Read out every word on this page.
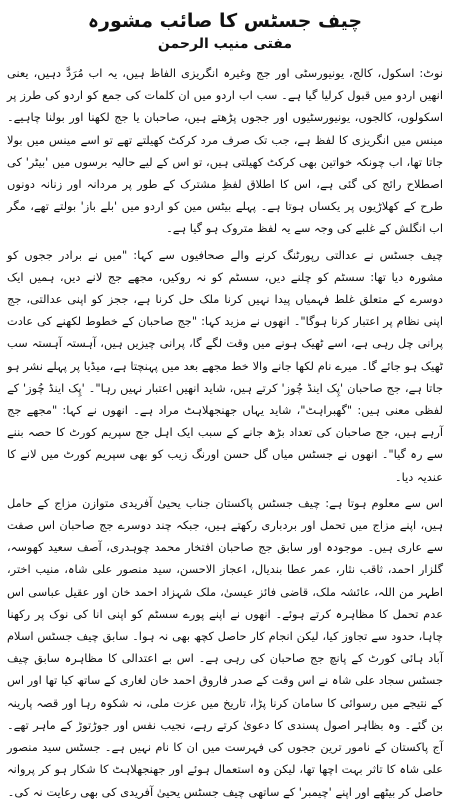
چیف جسٹس کا صائب مشورہ
مفتی منیب الرحمن

نوٹ: اسکول، کالج، یونیورسٹی اور جج وغیرہ انگریزی الفاظ ہیں، یہ اب مُرَدَّ دہیں، یعنی انھیں اردو میں قبول کرلیا گیا ہے۔ سب اب اردو میں ان کلمات کی جمع کو اردو کی طرز پر اسکولوں، کالجوں، یونیورسٹیوں اور ججوں پڑھتے ہیں، صاحبان یا جج لکھنا اور بولنا چاہیے۔ مینس میں انگریزی کا لفظ ہے، جب تک صرف مرد کرکٹ کھیلتے تھے تو اسے مینس میں بولا جاتا تھا، اب چونکہ خواتین بھی کرکٹ کھیلتی ہیں، تو اس کے لیے حالیہ برسوں میں 'بیٹر' کی اصطلاح رائج کی گئی ہے، اس کا اطلاق لفظِ مشترک کے طور پر مردانہ اور زنانہ دونوں طرح کے کھلاڑیوں پر یکساں ہوتا ہے۔ پہلے بیٹس مین کو اردو میں 'بلے باز' بولتے تھے، مگر اب انگلش کے غلبے کی وجہ سے یہ لفظ متروک ہو گیا ہے۔

چیف جسٹس نے عدالتی رپورٹنگ کرنے والے صحافیوں سے کہا: "میں نے برادر ججوں کو مشورہ دیا تھا: سسٹم کو چلنے دیں، سسٹم کو نہ روکیں، مجھے جج لانے دیں، ہمیں ایک دوسرے کے متعلق غلط فہمیاں پیدا نہیں کرنا ملک حل کرنا ہے، ججز کو اپنی عدالتی، جج اپنی نظام پر اعتبار کرنا ہوگا"۔ انھوں نے مزید کہا: "جج صاحبان کے خطوط لکھنے کی عادت پرانی چل رہی ہے، اسے ٹھیک ہونے میں وقت لگے گا، پرانی چیزیں ہیں، آہستہ آہستہ سب ٹھیک ہو جائے گا۔ میرے نام لکھا جانے والا خط مجھے بعد میں پہنچتا ہے، میڈیا پر پہلے نشر ہو جاتا ہے، جج صاحبان 'پِک اینڈ چُوز' کرتے ہیں، شاید انھیں اعتبار نہیں رہا"۔ 'پِک اینڈ چُوز' کے لفظی معنی ہیں: "گھبراہٹ"، شاید یہاں جھنجھلاہٹ مراد ہے۔ انھوں نے کہا: "مجھے جج آرہے ہیں، جج صاحبان کی تعداد بڑھ جانے کے سبب ایک اہل جج سپریم کورٹ کا حصہ بننے سے رہ گیا"۔ انھوں نے جسٹس میاں گل حسن اورنگ زیب کو بھی سپریم کورٹ میں لانے کا عندیہ دیا۔

اس سے معلوم ہوتا ہے: چیف جسٹس پاکستان جناب یحییٰ آفریدی متوازن مزاج کے حامل ہیں، اپنے مزاج میں تحمل اور بردباری رکھتے ہیں، جبکہ چند دوسرے جج صاحبان اس صفت سے عاری ہیں۔ موجودہ اور سابق جج صاحبان افتخار محمد چوہدری، آصف سعید کھوسہ، گلزار احمد، ثاقب نثار، عمر عطا بندیال، اعجاز الاحسن، سید منصور علی شاہ، منیب اختر، اطہر من اللہ، عائشہ ملک، قاضی فائز عیسیٰ، ملک شہزاد احمد خان اور عقیل عباسی اس عدم تحمل کا مظاہرہ کرتے ہوئے۔ انھوں نے اپنے پورے سسٹم کو اپنی انا کی نوک پر رکھنا چاہا، حدود سے تجاوز کیا، لیکن انجام کار حاصل کچھ بھی نہ ہوا۔ سابق چیف جسٹس اسلام آباد ہائی کورٹ کے پانچ جج صاحبان کی رہی ہے۔ اس بے اعتدالی کا مظاہرہ سابق چیف جسٹس سجاد علی شاہ نے اس وقت کے صدر فاروق احمد خان لغاری کے ساتھ کیا تھا اور اس کے نتیجے میں رسوائی کا سامان کرنا پڑا، تاریخ میں عزت ملی، نہ شکوہ رہا اور قصہ پارینہ بن گئے۔ وہ بظاہر اصول پسندی کا دعویٰ کرتے رہے، نجیب نفس اور جوڑتوڑ کے ماہر تھے۔ آج پاکستان کے نامور ترین ججوں کی فہرست میں ان کا نام نہیں ہے۔ جسٹس سید منصور علی شاہ کا تاثر بہت اچھا تھا، لیکن وہ استعمال ہوئے اور جھنجھلاہٹ کا شکار ہو کر پروانہ حاصل کر بیٹھے اور اپنے 'چیمبر' کے ساتھی چیف جسٹس یحییٰ آفریدی کی بھی رعایت نہ کی۔
